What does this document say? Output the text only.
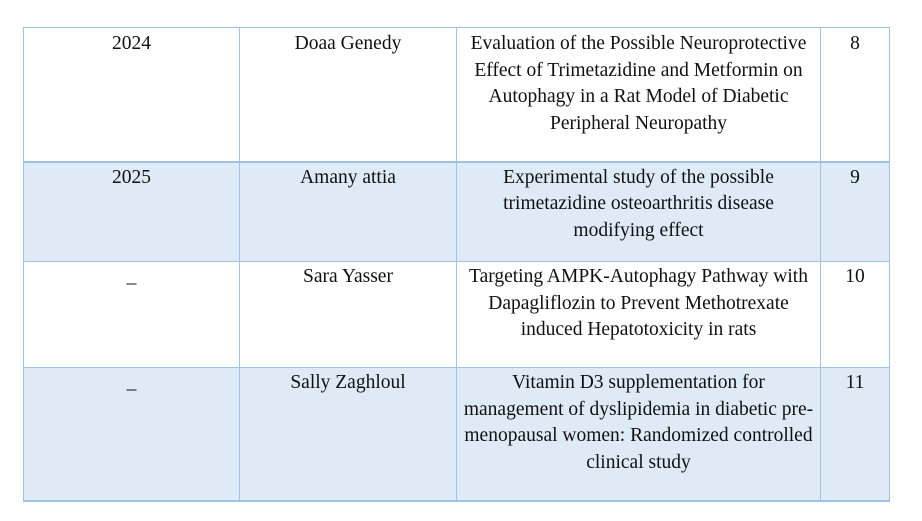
2024	Doaa Genedy	Evaluation of the Possible Neuroprotective Effect of Trimetazidine and Metformin on Autophagy in a Rat Model of Diabetic Peripheral Neuropathy	8

2025	Amany attia	Experimental study of the possible trimetazidine osteoarthritis disease modifying effect	9

_	Sara Yasser	Targeting AMPK-Autophagy Pathway with Dapagliflozin to Prevent Methotrexate induced Hepatotoxicity in rats	10

_	Sally Zaghloul	Vitamin D3 supplementation for management of dyslipidemia in diabetic pre-menopausal women: Randomized controlled clinical study	11
